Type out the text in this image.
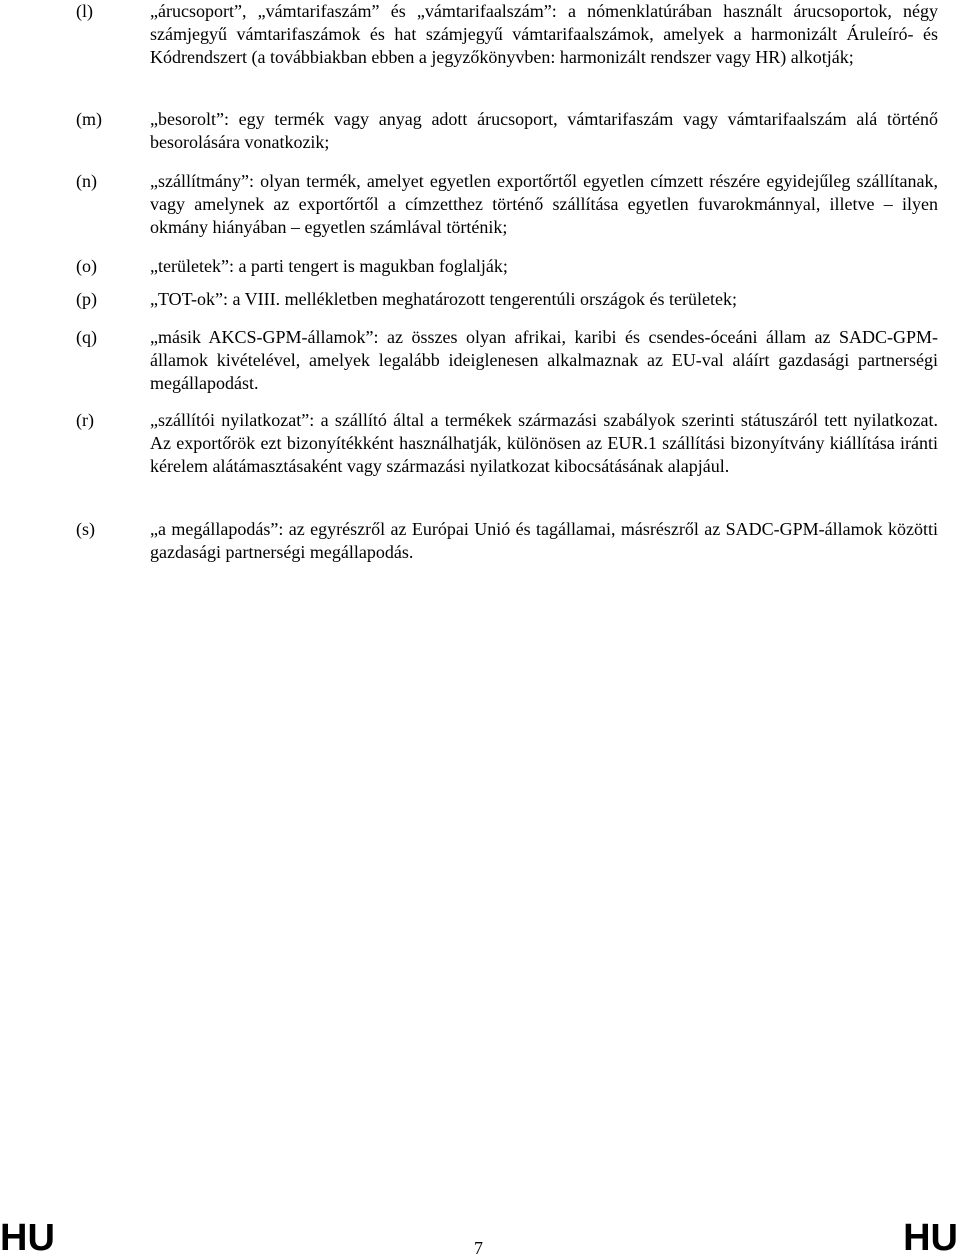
(l)	„árucsoport”, „vámtarifaszám” és „vámtarifaalszám”: a nómenklatúrában használt árucsoportok, négy számjegyű vámtarifaszámok és hat számjegyű vámtarifaalszámok, amelyek a harmonizált Áruleíró- és Kódrendszert (a továbbiakban ebben a jegyzőkönyvben: harmonizált rendszer vagy HR) alkotják;

(m)	„besorolt”: egy termék vagy anyag adott árucsoport, vámtarifaszám vagy vámtarifaalszám alá történő besorolására vonatkozik;

(n)	„szállítmány”: olyan termék, amelyet egyetlen exportőrtől egyetlen címzett részére egyidejűleg szállítanak, vagy amelynek az exportőrtől a címzetthez történő szállítása egyetlen fuvarokmánnyal, illetve – ilyen okmány hiányában – egyetlen számlával történik;

(o)	„területek”: a parti tengert is magukban foglalják;

(p)	„TOT-ok”: a VIII. mellékletben meghatározott tengerentúli országok és területek;

(q)	„másik AKCS-GPM-államok”: az összes olyan afrikai, karibi és csendes-óceáni állam az SADC-GPM-államok kivételével, amelyek legalább ideiglenesen alkalmaznak az EU-val aláírt gazdasági partnerségi megállapodást.

(r)	„szállítói nyilatkozat”: a szállító által a termékek származási szabályok szerinti státuszáról tett nyilatkozat. Az exportőrök ezt bizonyítékként használhatják, különösen az EUR.1 szállítási bizonyítvány kiállítása iránti kérelem alátámasztásaként vagy származási nyilatkozat kibocsátásának alapjául.

(s)	„a megállapodás”: az egyrészről az Európai Unió és tagállamai, másrészről az SADC-GPM-államok közötti gazdasági partnerségi megállapodás.

HU	7	HU
